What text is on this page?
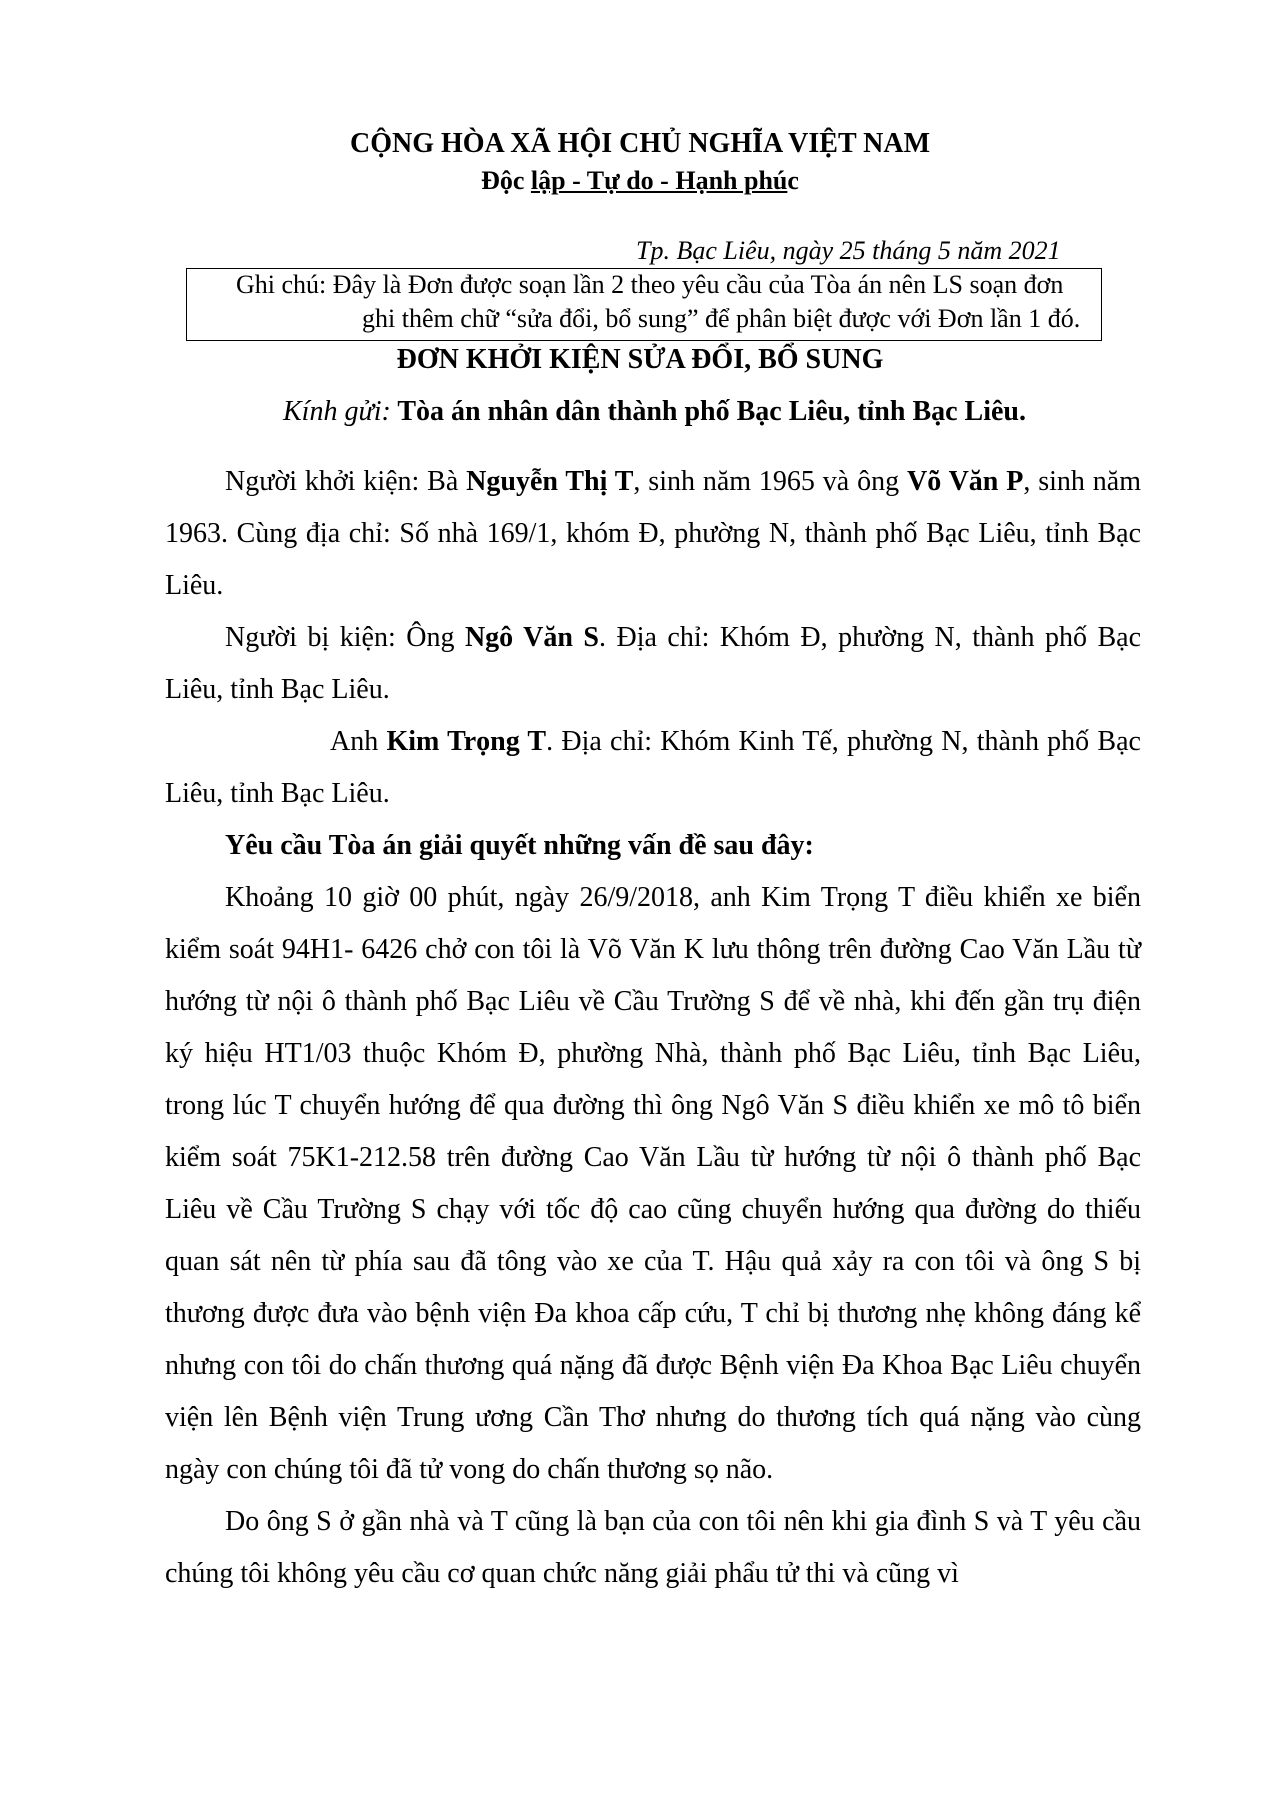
CỘNG HÒA XÃ HỘI CHỦ NGHĨA VIỆT NAM
Độc lập - Tự do - Hạnh phúc
Tp. Bạc Liêu, ngày 25 tháng 5 năm 2021
Ghi chú: Đây là Đơn được soạn lần 2 theo yêu cầu của Tòa án nên LS soạn đơn
ghi thêm chữ “sửa đổi, bổ sung” để phân biệt được với Đơn lần 1 đó.
ĐƠN KHỞI KIỆN SỬA ĐỔI, BỔ SUNG
Kính gửi: Tòa án nhân dân thành phố Bạc Liêu, tỉnh Bạc Liêu.

Người khởi kiện: Bà Nguyễn Thị T, sinh năm 1965 và ông Võ Văn P, sinh năm 1963. Cùng địa chỉ: Số nhà 169/1, khóm Đ, phường N, thành phố Bạc Liêu, tỉnh Bạc Liêu.

Người bị kiện: Ông Ngô Văn S. Địa chỉ: Khóm Đ, phường N, thành phố Bạc Liêu, tỉnh Bạc Liêu.

Anh Kim Trọng T. Địa chỉ: Khóm Kinh Tế, phường N, thành phố Bạc Liêu, tỉnh Bạc Liêu.

Yêu cầu Tòa án giải quyết những vấn đề sau đây:

Khoảng 10 giờ 00 phút, ngày 26/9/2018, anh Kim Trọng T điều khiển xe biển kiểm soát 94H1- 6426 chở con tôi là Võ Văn K lưu thông trên đường Cao Văn Lầu từ hướng từ nội ô thành phố Bạc Liêu về Cầu Trường S để về nhà, khi đến gần trụ điện ký hiệu HT1/03 thuộc Khóm Đ, phường Nhà, thành phố Bạc Liêu, tỉnh Bạc Liêu, trong lúc T chuyển hướng để qua đường thì ông Ngô Văn S điều khiển xe mô tô biển kiểm soát 75K1-212.58 trên đường Cao Văn Lầu từ hướng từ nội ô thành phố Bạc Liêu về Cầu Trường S chạy với tốc độ cao cũng chuyển hướng qua đường do thiếu quan sát nên từ phía sau đã tông vào xe của T. Hậu quả xảy ra con tôi và ông S bị thương được đưa vào bệnh viện Đa khoa cấp cứu, T chỉ bị thương nhẹ không đáng kể nhưng con tôi do chấn thương quá nặng đã được Bệnh viện Đa Khoa Bạc Liêu chuyển viện lên Bệnh viện Trung ương Cần Thơ nhưng do thương tích quá nặng vào cùng ngày con chúng tôi đã tử vong do chấn thương sọ não.

Do ông S ở gần nhà và T cũng là bạn của con tôi nên khi gia đình S và T yêu cầu chúng tôi không yêu cầu cơ quan chức năng giải phẩu tử thi và cũng vì
